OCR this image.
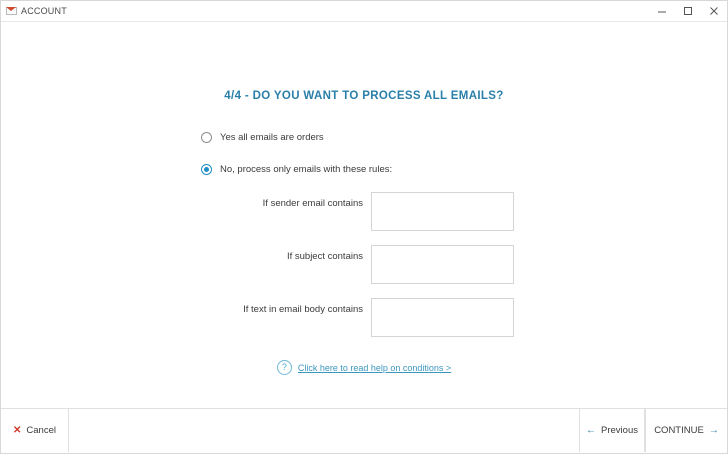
ACCOUNT
4/4 - DO YOU WANT TO PROCESS ALL EMAILS?
Yes all emails are orders
No, process only emails with these rules:
If sender email contains
If subject contains
If text in email body contains
?	Click here to read help on conditions >
✕ Cancel	← Previous CONTINUE →
